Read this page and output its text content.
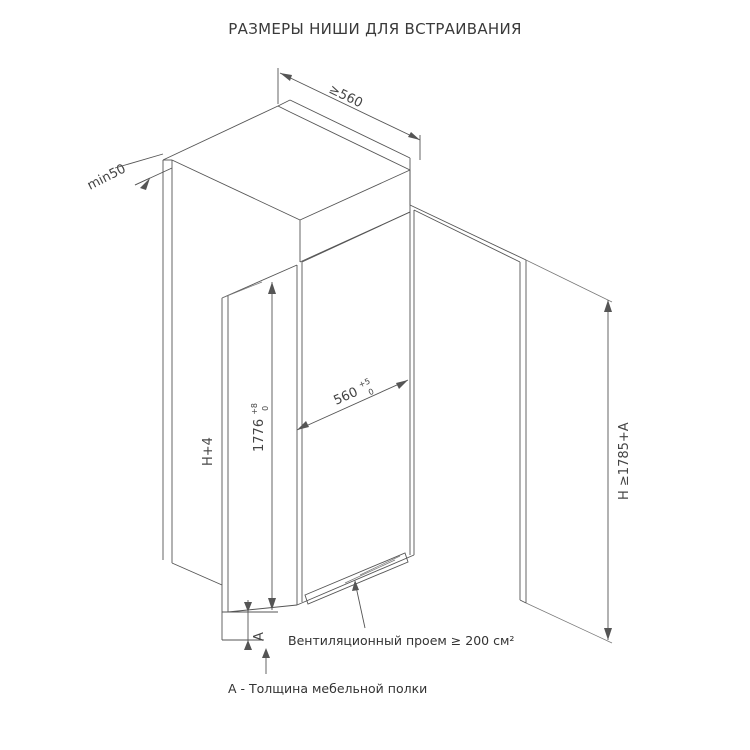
РАЗМЕРЫ НИШИ ДЛЯ ВСТРАИВАНИЯ
≥560
min50
H+4	1776 $^{+8}$ 0	560 $^{+5}$ 0
H ≥1785+A
A Вентиляционный проем ≥ 200 см²
A - Толщина мебельной полки
